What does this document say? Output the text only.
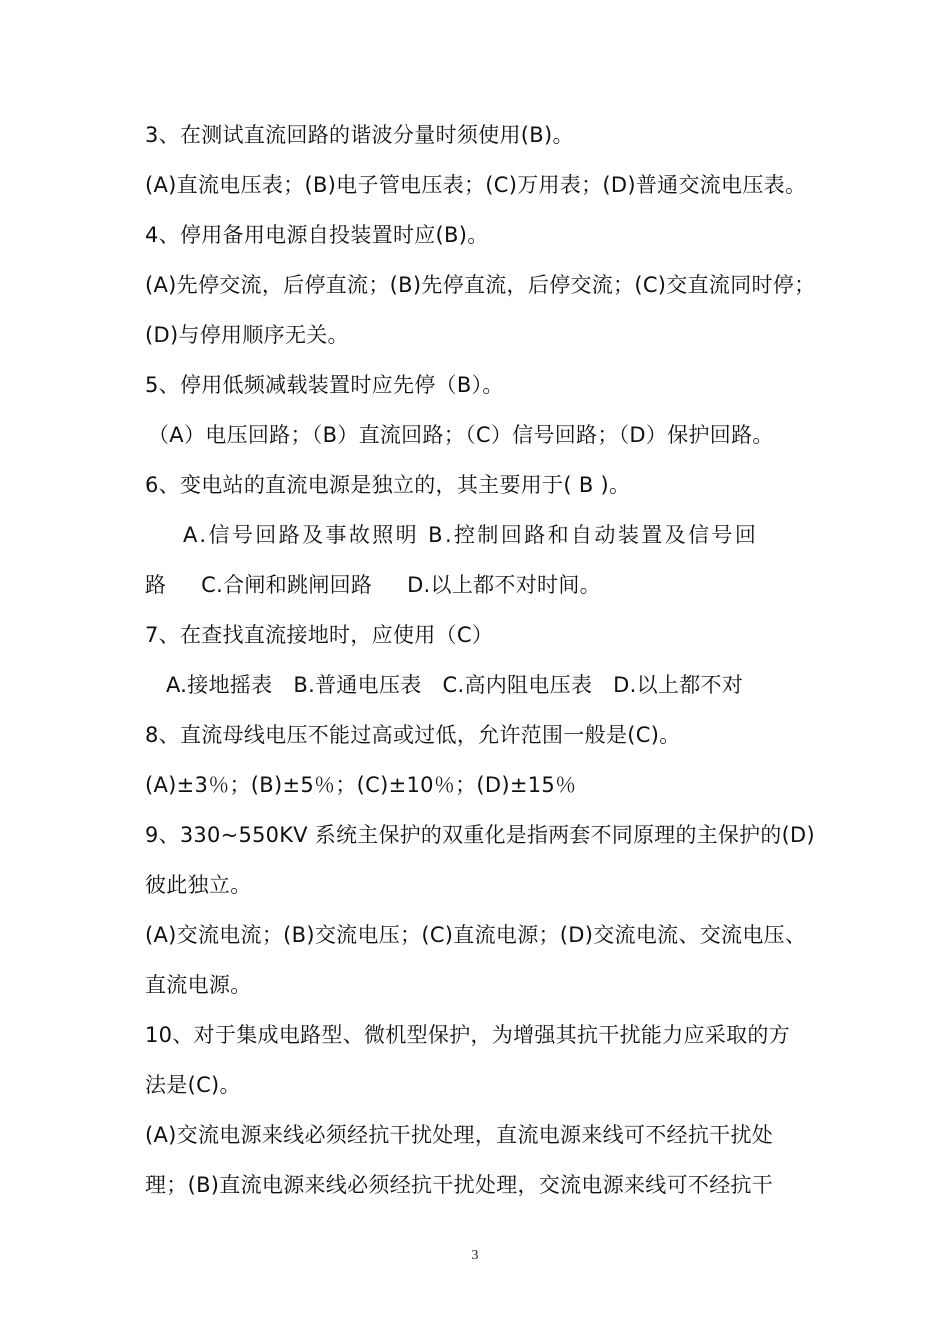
3、在测试直流回路的谐波分量时须使用(B)。
(A)直流电压表；(B)电子管电压表；(C)万用表；(D)普通交流电压表。
4、停用备用电源自投装置时应(B)。
(A)先停交流，后停直流；(B)先停直流，后停交流；(C)交直流同时停；
(D)与停用顺序无关。
5、停用低频减载装置时应先停（B）。
（A）电压回路；（B）直流回路；（C）信号回路；（D）保护回路。
6、变电站的直流电源是独立的，其主要用于( B )。
A.信号回路及事故照明 B.控制回路和自动装置及信号回
路     C.合闸和跳闸回路     D.以上都不对时间。
7、在查找直流接地时，应使用（C）
A.接地摇表   B.普通电压表   C.高内阻电压表   D.以上都不对
8、直流母线电压不能过高或过低，允许范围一般是(C)。
(A)±3％；(B)±5％；(C)±10％；(D)±15％
9、330~550KV 系统主保护的双重化是指两套不同原理的主保护的(D)
彼此独立。
(A)交流电流；(B)交流电压；(C)直流电源；(D)交流电流、交流电压、
直流电源。
10、对于集成电路型、微机型保护，为增强其抗干扰能力应采取的方
法是(C)。
(A)交流电源来线必须经抗干扰处理，直流电源来线可不经抗干扰处
理；(B)直流电源来线必须经抗干扰处理，交流电源来线可不经抗干
3
